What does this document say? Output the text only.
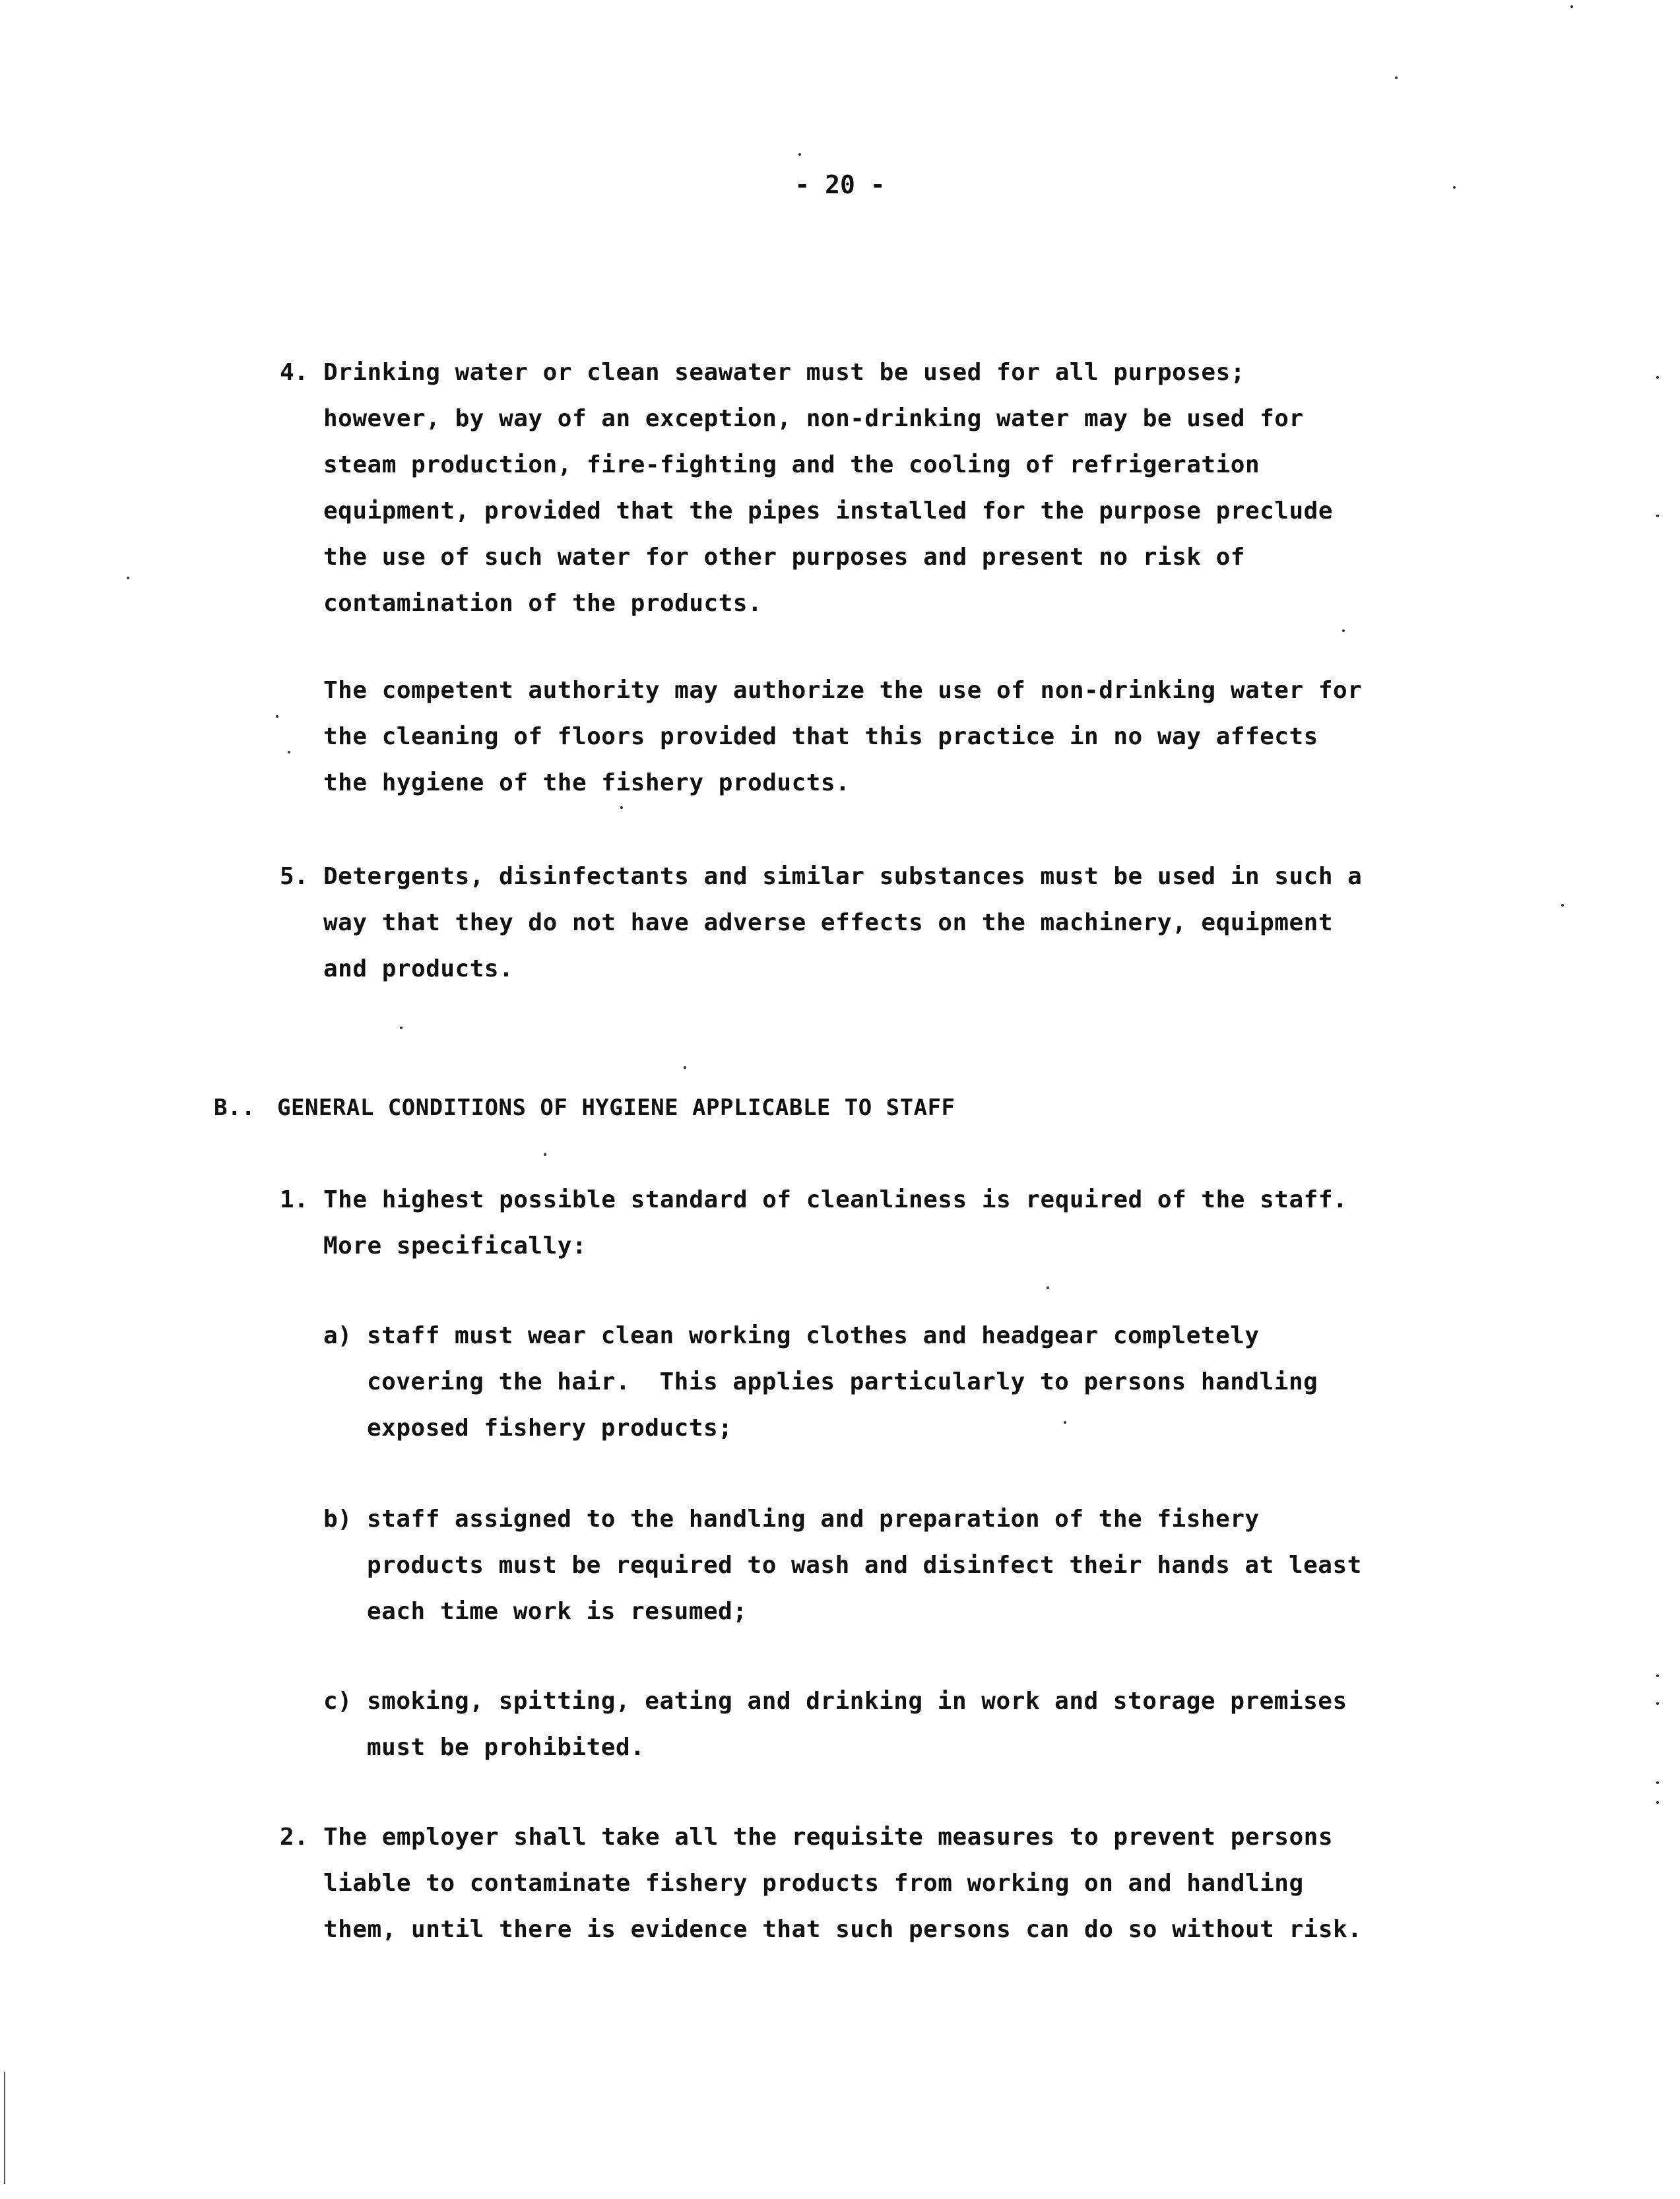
- 20 -
4. Drinking water or clean seawater must be used for all purposes;
however, by way of an exception, non-drinking water may be used for
steam production, fire-fighting and the cooling of refrigeration
equipment, provided that the pipes installed for the purpose preclude
the use of such water for other purposes and present no risk of
contamination of the products.
The competent authority may authorize the use of non-drinking water for
the cleaning of floors provided that this practice in no way affects
the hygiene of the fishery products.
5. Detergents, disinfectants and similar substances must be used in such a
way that they do not have adverse effects on the machinery, equipment
and products.
B.. GENERAL CONDITIONS OF HYGIENE APPLICABLE TO STAFF
1. The highest possible standard of cleanliness is required of the staff.
More specifically:
a) staff must wear clean working clothes and headgear completely
covering the hair.  This applies particularly to persons handling
exposed fishery products;
b) staff assigned to the handling and preparation of the fishery
products must be required to wash and disinfect their hands at least
each time work is resumed;
c) smoking, spitting, eating and drinking in work and storage premises
must be prohibited.
2. The employer shall take all the requisite measures to prevent persons
liable to contaminate fishery products from working on and handling
them, until there is evidence that such persons can do so without risk.
